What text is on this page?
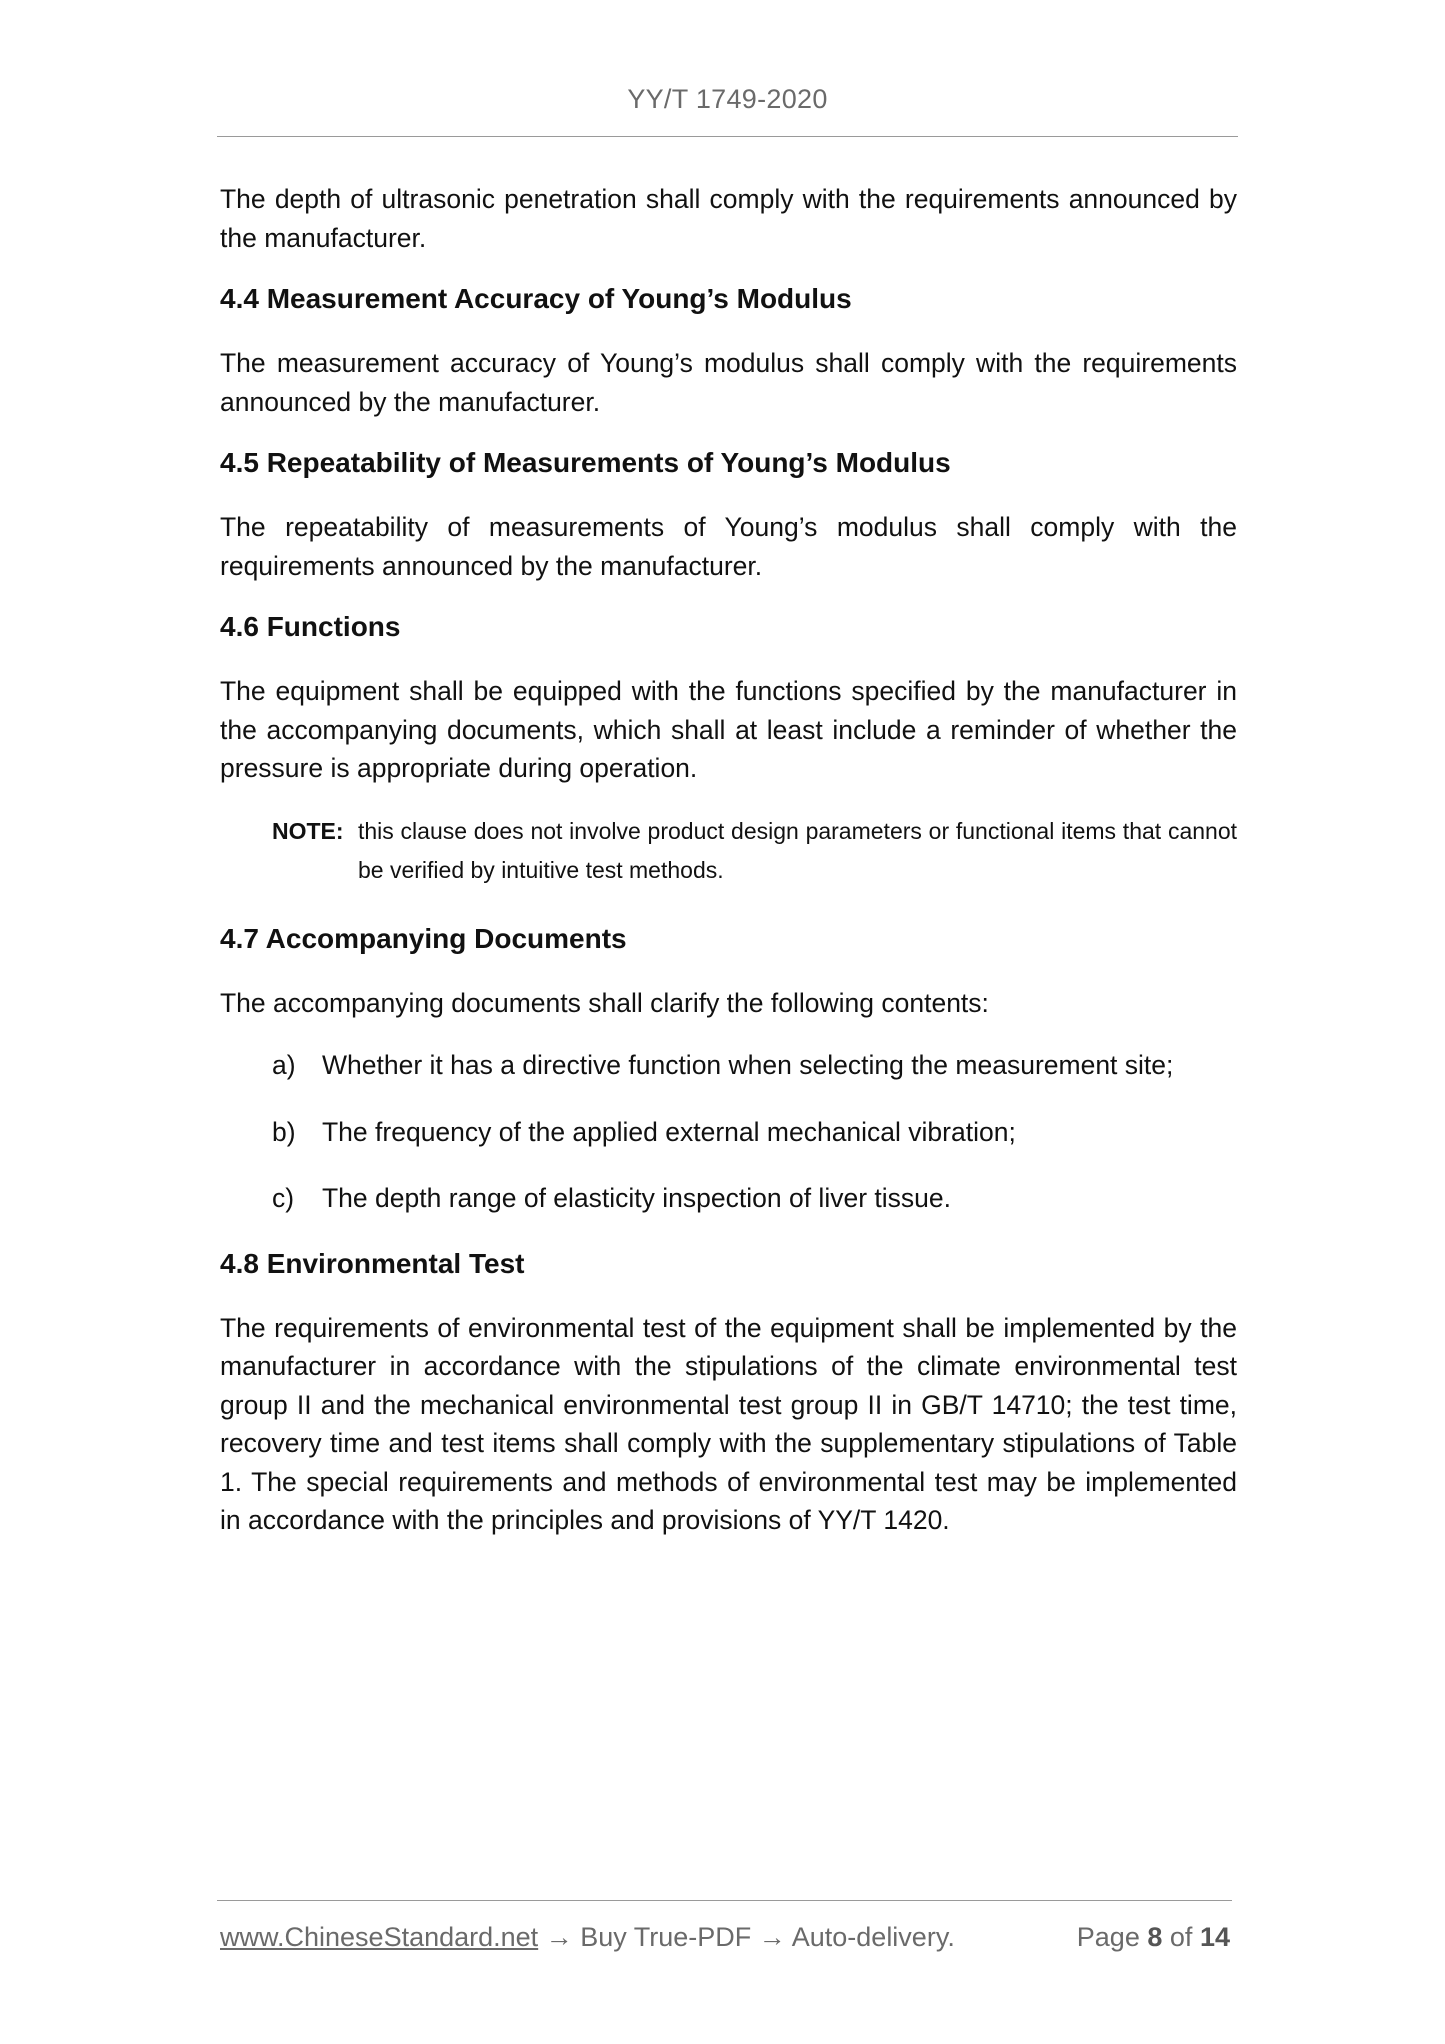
YY/T 1749-2020

The depth of ultrasonic penetration shall comply with the requirements announced by the manufacturer.

4.4 Measurement Accuracy of Young’s Modulus

The measurement accuracy of Young’s modulus shall comply with the requirements announced by the manufacturer.

4.5 Repeatability of Measurements of Young’s Modulus

The repeatability of measurements of Young’s modulus shall comply with the requirements announced by the manufacturer.

4.6 Functions

The equipment shall be equipped with the functions specified by the manufacturer in the accompanying documents, which shall at least include a reminder of whether the pressure is appropriate during operation.

NOTE: this clause does not involve product design parameters or functional items that cannot be verified by intuitive test methods.
4.7 Accompanying Documents

The accompanying documents shall clarify the following contents:

a) Whether it has a directive function when selecting the measurement site;
b) The frequency of the applied external mechanical vibration;
c) The depth range of elasticity inspection of liver tissue.
4.8 Environmental Test

The requirements of environmental test of the equipment shall be implemented by the manufacturer in accordance with the stipulations of the climate environmental test group II and the mechanical environmental test group II in GB/T 14710; the test time, recovery time and test items shall comply with the supplementary stipulations of Table 1. The special requirements and methods of environmental test may be implemented in accordance with the principles and provisions of YY/T 1420.

www.ChineseStandard.net → Buy True-PDF → Auto-delivery.	Page 8 of 14
